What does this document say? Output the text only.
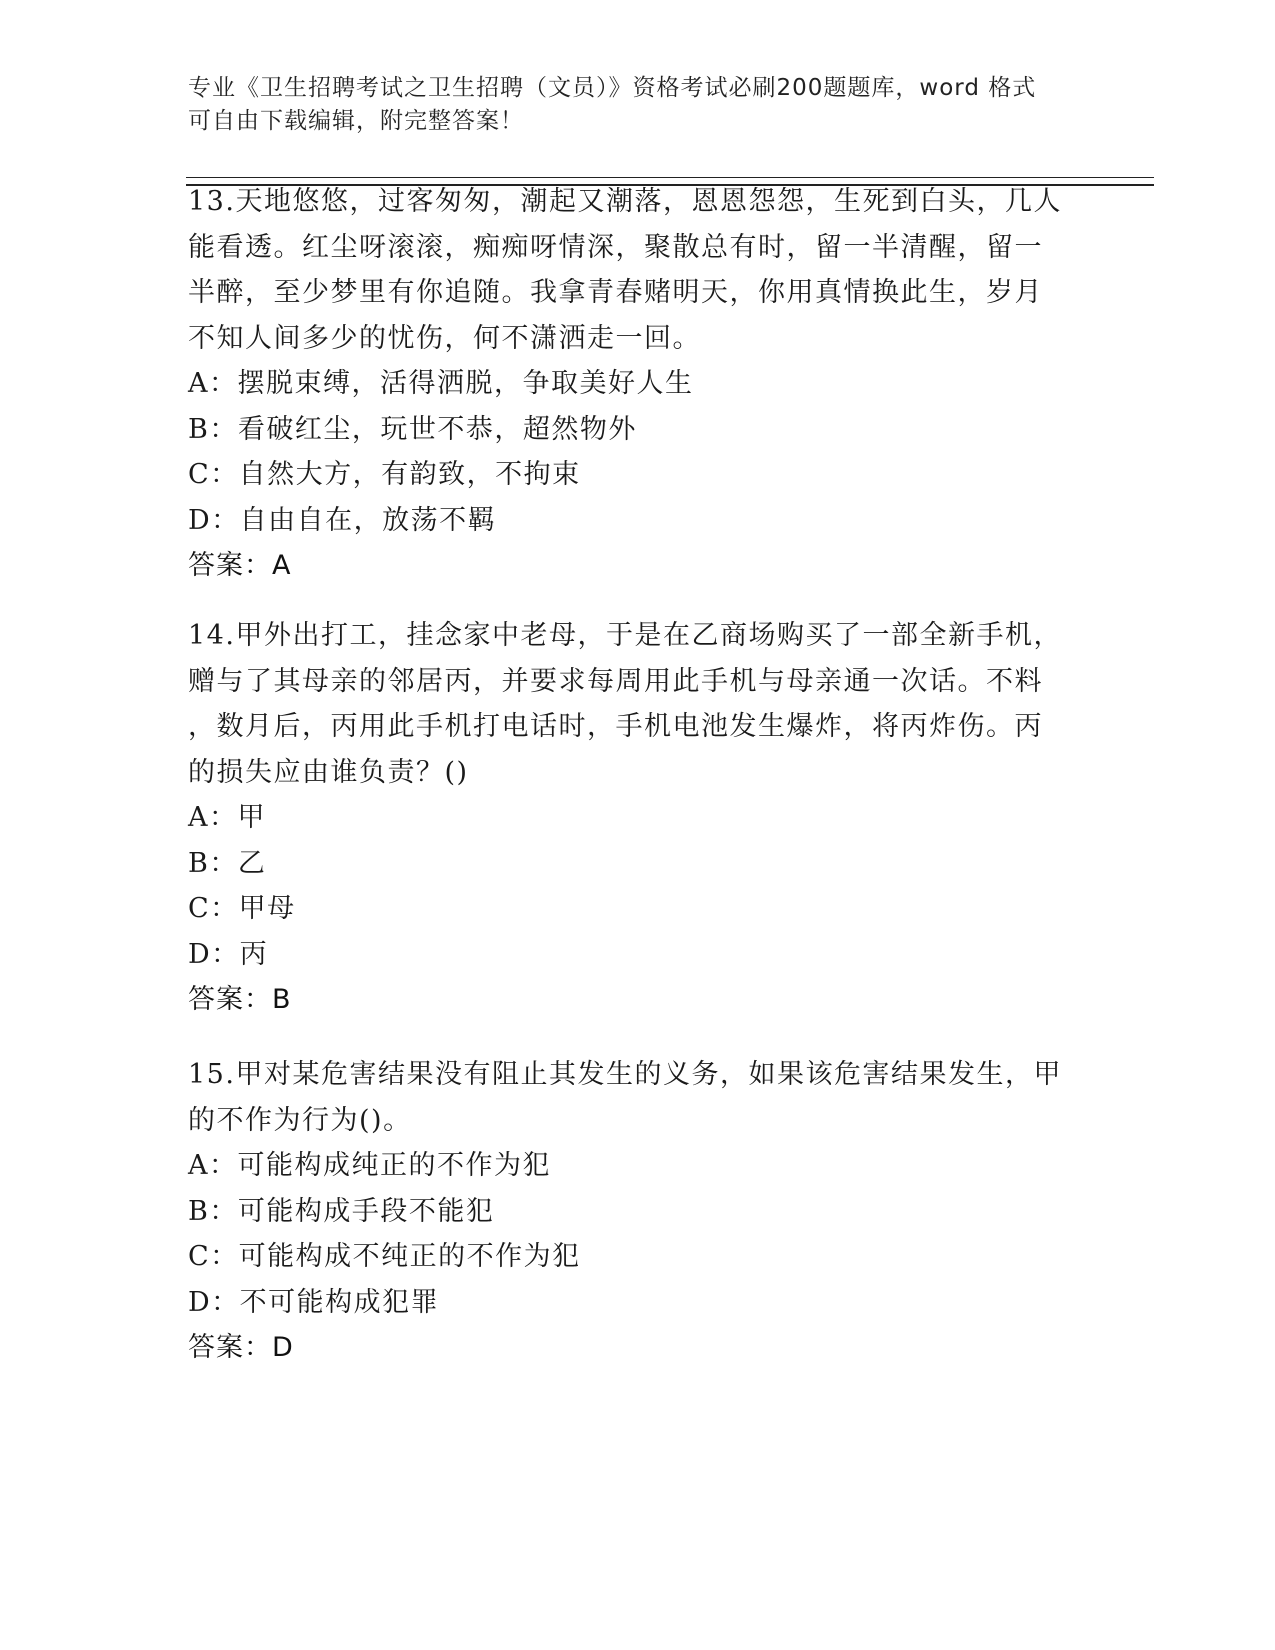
专业《卫生招聘考试之卫生招聘（文员）》资格考试必刷200题题库，word 格式
可自由下载编辑，附完整答案！
13.天地悠悠，过客匆匆，潮起又潮落，恩恩怨怨，生死到白头，几人
能看透。红尘呀滚滚，痴痴呀情深，聚散总有时，留一半清醒，留一
半醉，至少梦里有你追随。我拿青春赌明天，你用真情换此生，岁月
不知人间多少的忧伤，何不潇洒走一回。
A：摆脱束缚，活得洒脱，争取美好人生
B：看破红尘，玩世不恭，超然物外
C：自然大方，有韵致，不拘束
D：自由自在，放荡不羁
答案：A
14.甲外出打工，挂念家中老母，于是在乙商场购买了一部全新手机，
赠与了其母亲的邻居丙，并要求每周用此手机与母亲通一次话。不料
，数月后，丙用此手机打电话时，手机电池发生爆炸，将丙炸伤。丙
的损失应由谁负责？()
A：甲
B：乙
C：甲母
D：丙
答案：B
15.甲对某危害结果没有阻止其发生的义务，如果该危害结果发生，甲
的不作为行为()。
A：可能构成纯正的不作为犯
B：可能构成手段不能犯
C：可能构成不纯正的不作为犯
D：不可能构成犯罪
答案：D
